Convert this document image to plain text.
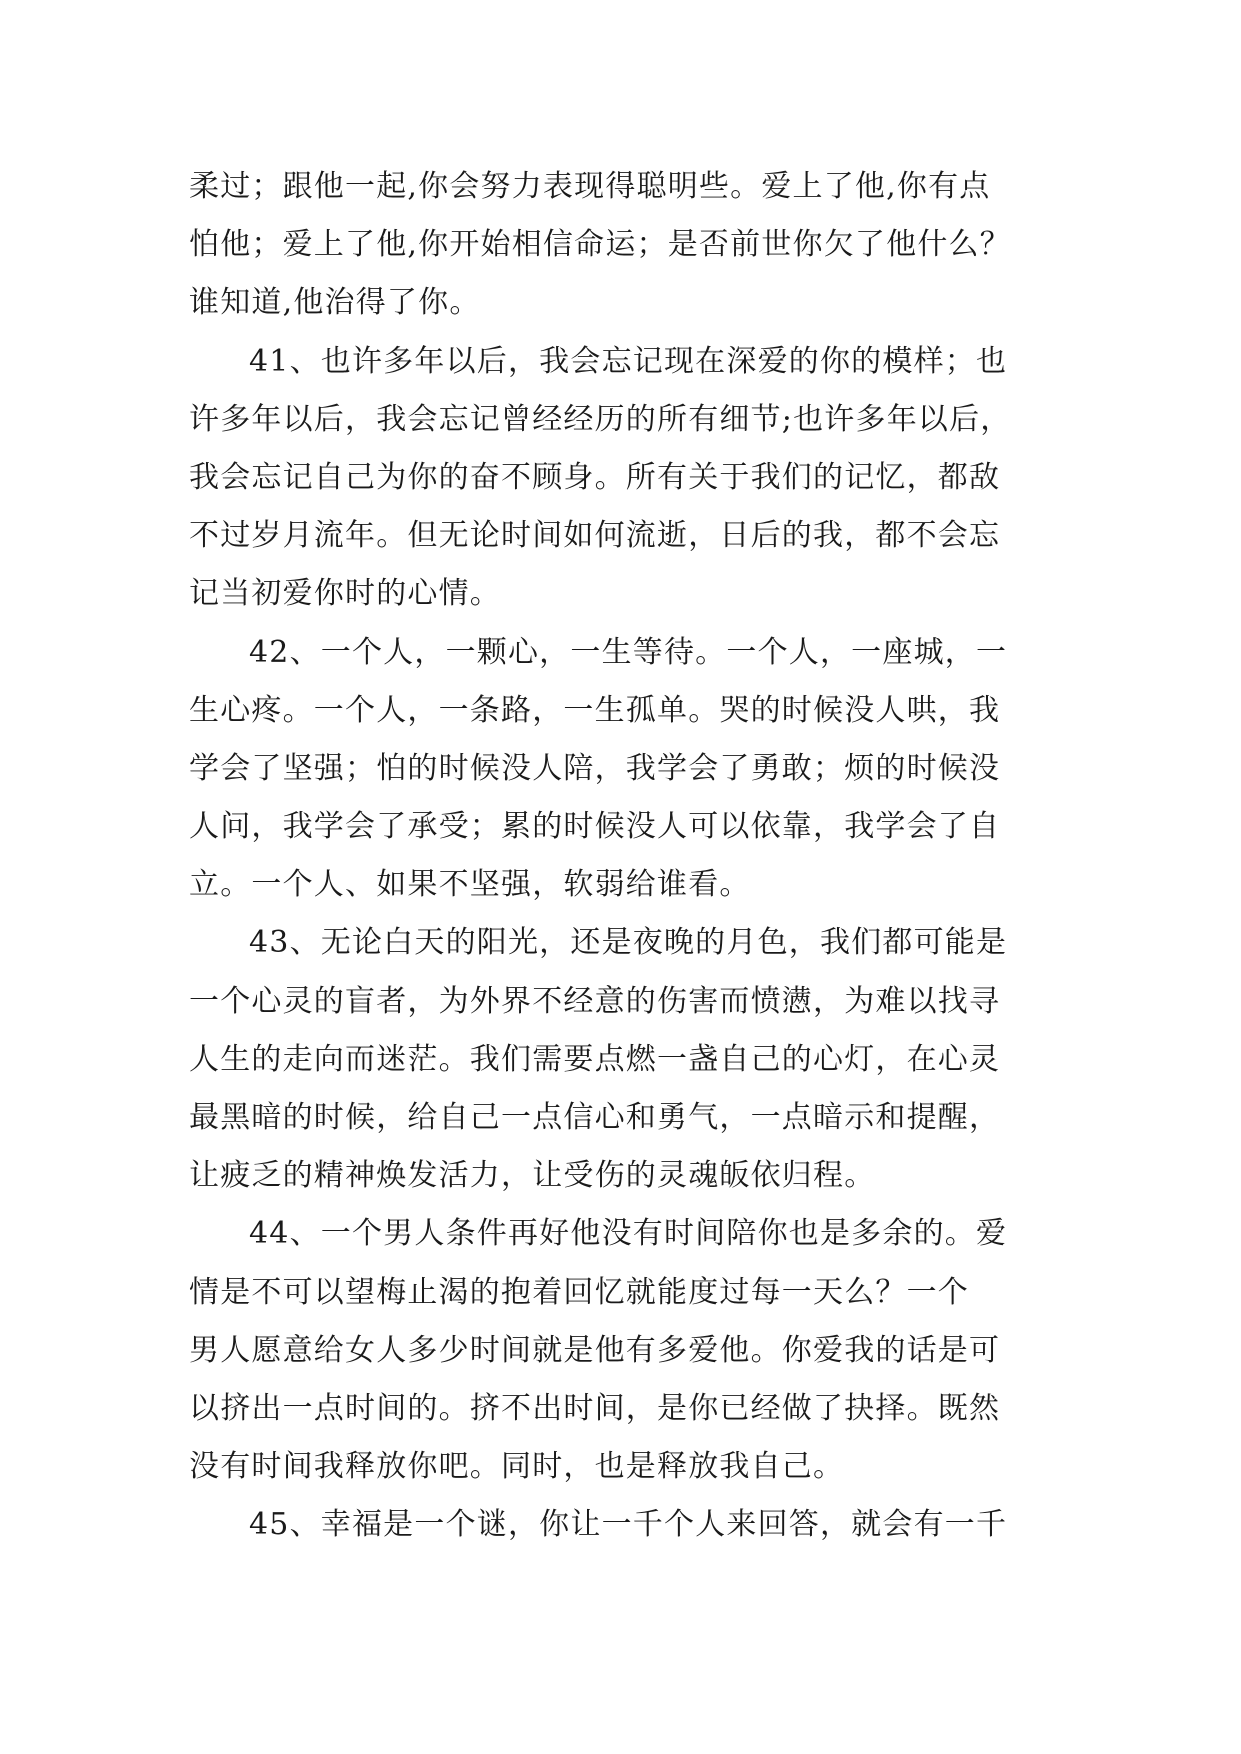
柔过；跟他一起,你会努力表现得聪明些。爱上了他,你有点
怕他；爱上了他,你开始相信命运；是否前世你欠了他什么？
谁知道,他治得了你。
41、也许多年以后，我会忘记现在深爱的你的模样；也
许多年以后，我会忘记曾经经历的所有细节;也许多年以后，
我会忘记自己为你的奋不顾身。所有关于我们的记忆，都敌
不过岁月流年。但无论时间如何流逝，日后的我，都不会忘
记当初爱你时的心情。
42、一个人，一颗心，一生等待。一个人，一座城，一
生心疼。一个人，一条路，一生孤单。哭的时候没人哄，我
学会了坚强；怕的时候没人陪，我学会了勇敢；烦的时候没
人问，我学会了承受；累的时候没人可以依靠，我学会了自
立。一个人、如果不坚强，软弱给谁看。
43、无论白天的阳光，还是夜晚的月色，我们都可能是
一个心灵的盲者，为外界不经意的伤害而愤懑，为难以找寻
人生的走向而迷茫。我们需要点燃一盏自己的心灯，在心灵
最黑暗的时候，给自己一点信心和勇气，一点暗示和提醒，
让疲乏的精神焕发活力，让受伤的灵魂皈依归程。
44、一个男人条件再好他没有时间陪你也是多余的。爱
情是不可以望梅止渴的抱着回忆就能度过每一天么？一个
男人愿意给女人多少时间就是他有多爱他。你爱我的话是可
以挤出一点时间的。挤不出时间，是你已经做了抉择。既然
没有时间我释放你吧。同时，也是释放我自己。
45、幸福是一个谜，你让一千个人来回答，就会有一千
